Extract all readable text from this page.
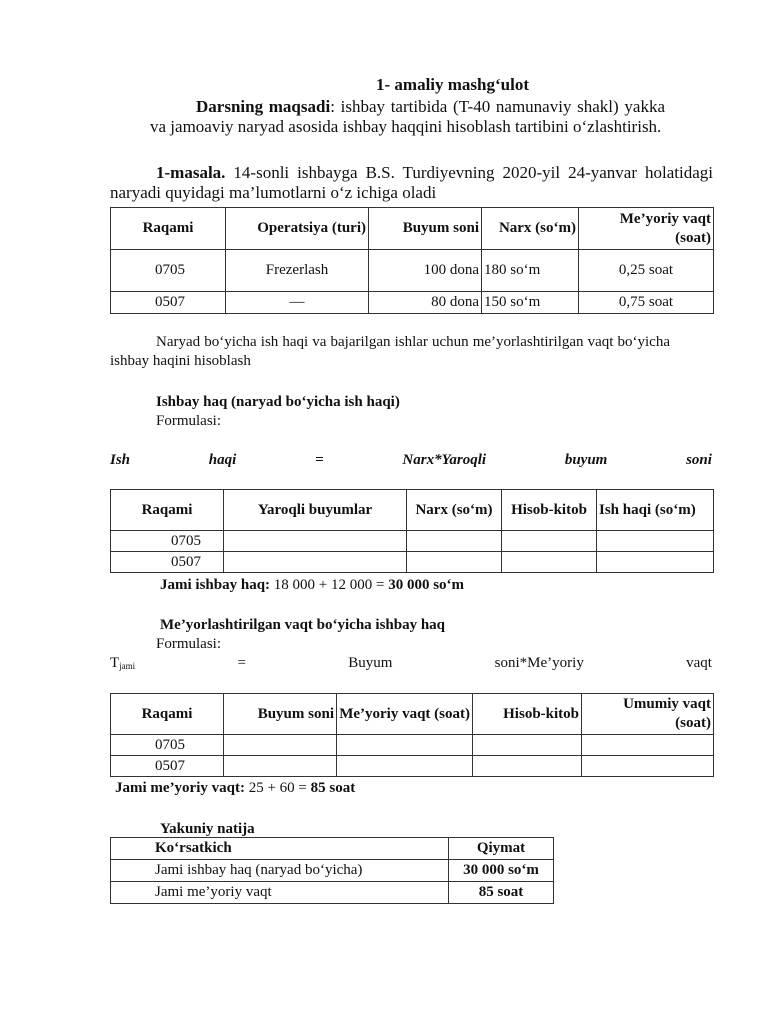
1- amaliy mashg‘ulot
Darsning maqsadi: ishbay tartibida (T-40 namunaviy shakl) yakka va jamoaviy naryad asosida ishbay haqqini hisoblash tartibini o‘zlashtirish.
1-masala. 14-sonli ishbayga B.S. Turdiyevning 2020-yil 24-yanvar holatidagi naryadi quyidagi ma’lumotlarni o‘z ichiga oladi
Raqami	Operatsiya (turi)	Buyum soni	Narx (so‘m)	Me’yoriy vaqt (soat)
0705	Frezerlash	100 dona	180 so‘m	0,25 soat
0507	—	80 dona	150 so‘m	0,75 soat
Naryad bo‘yicha ish haqi va bajarilgan ishlar uchun me’yorlashtirilgan vaqt bo‘yicha ishbay haqini hisoblash
Ishbay haq (naryad bo‘yicha ish haqi)
Formulasi:
Ish	haqi	=	Narx*Yaroqli	buyum	soni
Raqami	Yaroqli buyumlar	Narx (so‘m)	Hisob-kitob	Ish haqi (so‘m)
0705				
0507				
Jami ishbay haq: 18 000 + 12 000 = 30 000 so‘m
Me’yorlashtirilgan vaqt bo‘yicha ishbay haq
Formulasi:
$T_{jami}$	=	Buyum	soni*Me’yoriy	vaqt
Raqami	Buyum soni	Me’yoriy vaqt (soat)	Hisob-kitob	Umumiy vaqt (soat)
0705				
0507				
Jami me’yoriy vaqt: 25 + 60 = 85 soat
Yakuniy natija
Ko‘rsatkich	Qiymat
Jami ishbay haq (naryad bo‘yicha)	30 000 so‘m
Jami me’yoriy vaqt	85 soat
